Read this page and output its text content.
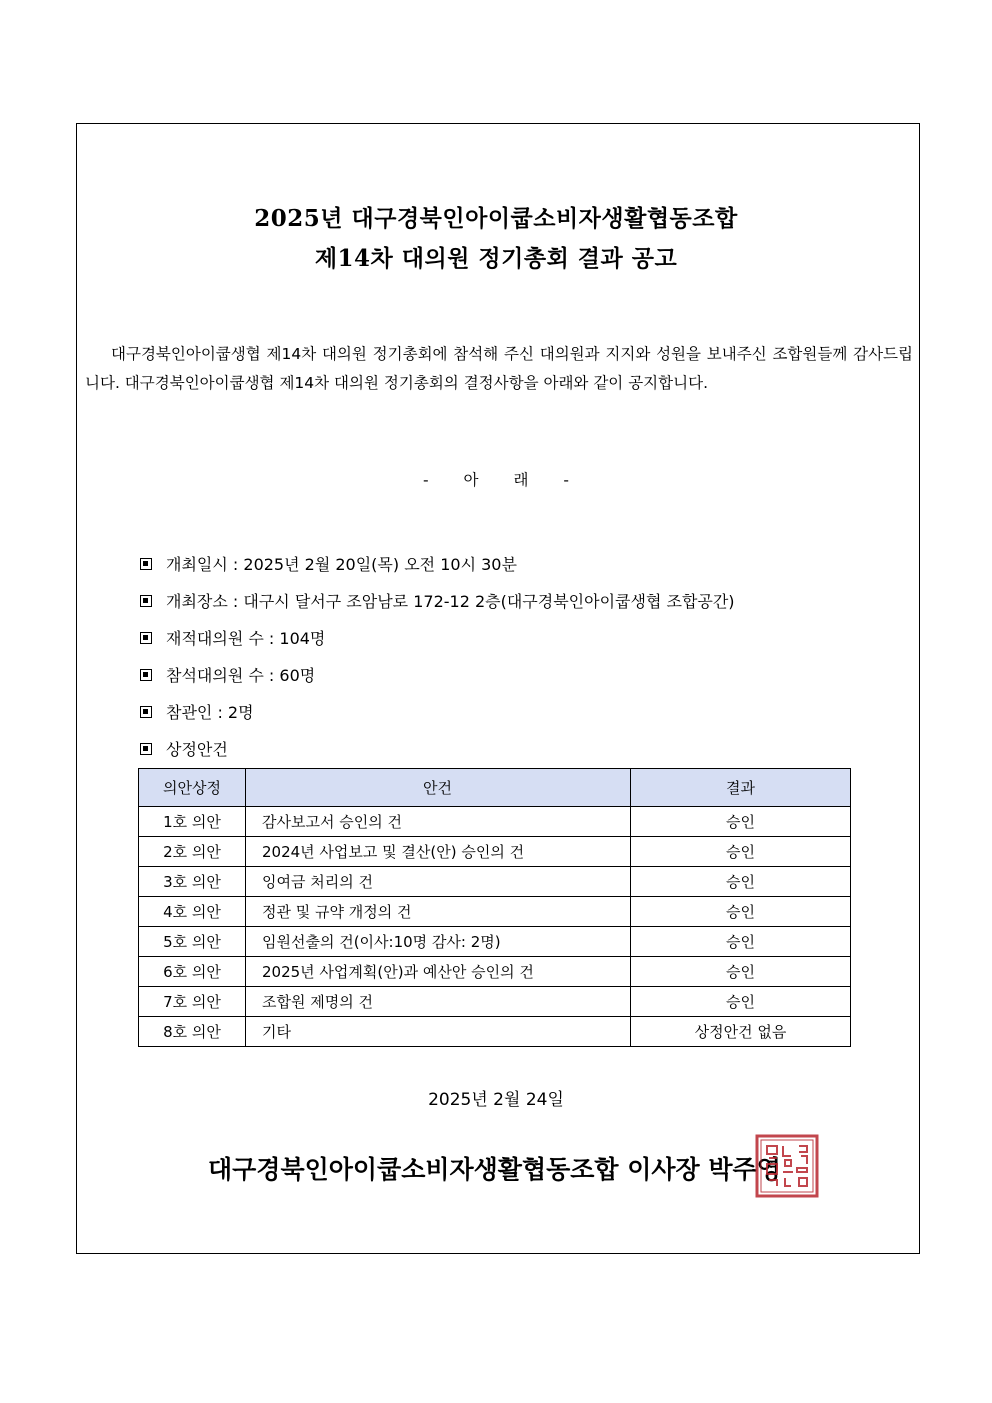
2025년 대구경북인아이쿱소비자생활협동조합
제14차 대의원 정기총회 결과 공고
대구경북인아이쿱생협 제14차 대의원 정기총회에 참석해 주신 대의원과 지지와 성원을 보내주신 조합원들께 감사드립니다. 대구경북인아이쿱생협 제14차 대의원 정기총회의 결정사항을 아래와 같이 공지합니다.
- 아 래 -
개최일시 : 2025년 2월 20일(목) 오전 10시 30분
개최장소 : 대구시 달서구 조암남로 172-12 2층(대구경북인아이쿱생협 조합공간)
재적대의원 수 : 104명
참석대의원 수 : 60명
참관인 : 2명
상정안건
의안상정	안건	결과
1호 의안	감사보고서 승인의 건	승인
2호 의안	2024년 사업보고 및 결산(안) 승인의 건	승인
3호 의안	잉여금 처리의 건	승인
4호 의안	정관 및 규약 개정의 건	승인
5호 의안	임원선출의 건(이사:10명 감사: 2명)	승인
6호 의안	2025년 사업계획(안)과 예산안 승인의 건	승인
7호 의안	조합원 제명의 건	승인
8호 의안	기타	상정안건 없음
2025년 2월 24일
대구경북인아이쿱소비자생활협동조합 이사장 박주영
